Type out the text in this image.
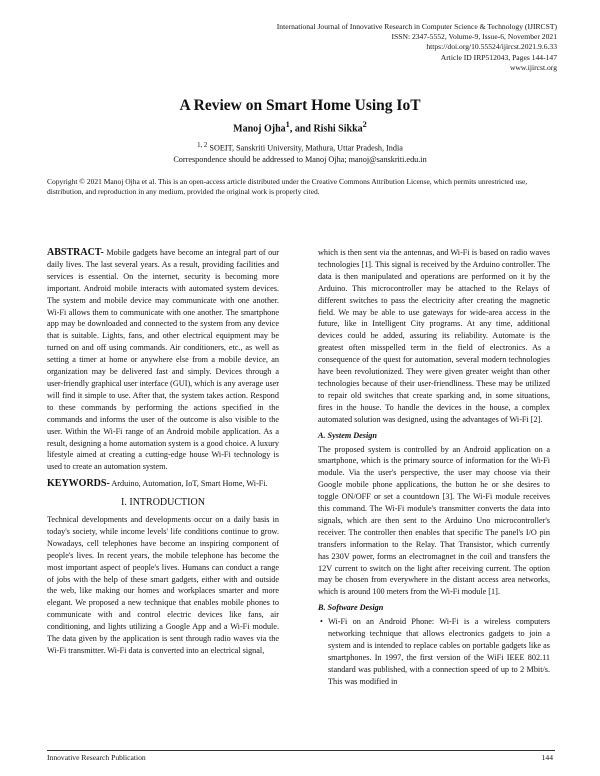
International Journal of Innovative Research in Computer Science & Technology (IJIRCST)
ISSN: 2347-5552, Volume-9, Issue-6, November 2021
https://doi.org/10.55524/ijircst.2021.9.6.33
Article ID IRP512043, Pages 144-147
www.ijircst.org
A Review on Smart Home Using IoT
Manoj Ojha$^1$, and Rishi Sikka$^2$
$^{1, 2}$ SOEIT, Sanskriti University, Mathura, Uttar Pradesh, India
Correspondence should be addressed to Manoj Ojha; manoj@sanskriti.edu.in
Copyright © 2021 Manoj Ojha et al. This is an open-access article distributed under the Creative Commons Attribution License, which permits unrestricted use, distribution, and reproduction in any medium, provided the original work is properly cited.

ABSTRACT- Mobile gadgets have become an integral part of our daily lives. The last several years. As a result, providing facilities and services is essential. On the internet, security is becoming more important. Android mobile interacts with automated system devices. The system and mobile device may communicate with one another. Wi-Fi allows them to communicate with one another. The smartphone app may be downloaded and connected to the system from any device that is suitable. Lights, fans, and other electrical equipment may be turned on and off using commands. Air conditioners, etc., as well as setting a timer at home or anywhere else from a mobile device, an organization may be delivered fast and simply. Devices through a user-friendly graphical user interface (GUI), which is any average user will find it simple to use. After that, the system takes action. Respond to these commands by performing the actions specified in the commands and informs the user of the outcome is also visible to the user. Within the Wi-Fi range of an Android mobile application. As a result, designing a home automation system is a good choice. A luxury lifestyle aimed at creating a cutting-edge house Wi-Fi technology is used to create an automation system.

KEYWORDS- Arduino, Automation, IoT, Smart Home, Wi-Fi.

I. INTRODUCTION

Technical developments and developments occur on a daily basis in today's society, while income levels' life conditions continue to grow. Nowadays, cell telephones have become an inspiring component of people's lives. In recent years, the mobile telephone has become the most important aspect of people's lives. Humans can conduct a range of jobs with the help of these smart gadgets, either with and outside the web, like making our homes and workplaces smarter and more elegant. We proposed a new technique that enables mobile phones to communicate with and control electric devices like fans, air conditioning, and lights utilizing a Google App and a Wi-Fi module. The data given by the application is sent through radio waves via the Wi-Fi transmitter. Wi-Fi data is converted into an electrical signal,

which is then sent via the antennas, and Wi-Fi is based on radio waves technologies [1]. This signal is received by the Arduino controller. The data is then manipulated and operations are performed on it by the Arduino. This microcontroller may be attached to the Relays of different switches to pass the electricity after creating the magnetic field. We may be able to use gateways for wide-area access in the future, like in Intelligent City programs. At any time, additional devices could be added, assuring its reliability. Automate is the greatest often misspelled term in the field of electronics. As a consequence of the quest for automation, several modern technologies have been revolutionized. They were given greater weight than other technologies because of their user-friendliness. These may be utilized to repair old switches that create sparking and, in some situations, fires in the house. To handle the devices in the house, a complex automated solution was designed, using the advantages of Wi-Fi [2].

A. System Design

The proposed system is controlled by an Android application on a smartphone, which is the primary source of information for the Wi-Fi module. Via the user's perspective, the user may choose via their Google mobile phone applications, the button he or she desires to toggle ON/OFF or set a countdown [3]. The Wi-Fi module receives this command. The Wi-Fi module's transmitter converts the data into signals, which are then sent to the Arduino Uno microcontroller's receiver. The controller then enables that specific The panel's I/O pin transfers information to the Relay. That Transistor, which currently has 230V power, forms an electromagnet in the coil and transfers the 12V current to switch on the light after receiving current. The option may be chosen from everywhere in the distant access area networks, which is around 100 meters from the Wi-Fi module [1].

B. Software Design

• Wi-Fi on an Android Phone: Wi-Fi is a wireless computers networking technique that allows electronics gadgets to join a system and is intended to replace cables on portable gadgets like as smartphones. In 1997, the first version of the WiFi IEEE 802.11 standard was published, with a connection speed of up to 2 Mbit/s. This was modified in

Innovative Research Publication	144
